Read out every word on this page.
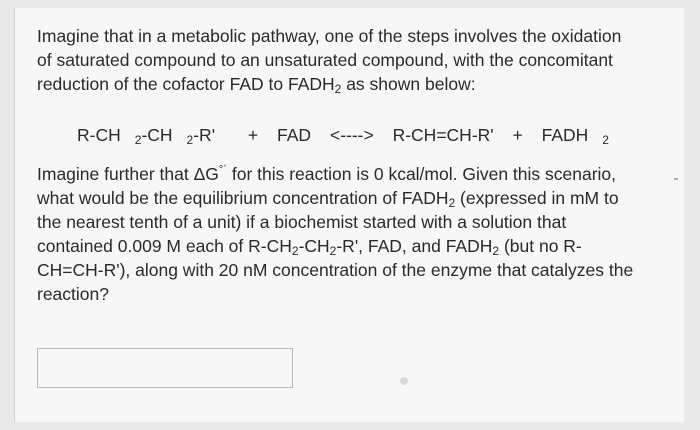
Imagine that in a metabolic pathway, one of the steps involves the oxidation
of saturated compound to an unsaturated compound, with the concomitant
reduction of the cofactor FAD to $FADH_2$ as shown below:

R-CH $_2$-CH $_2$-R' + FAD <----> R-CH=CH-R' + FADH $_2$

Imagine further that ΔG°´ for this reaction is 0 kcal/mol. Given this scenario,
what would be the equilibrium concentration of $FADH_2$ (expressed in mM to
the nearest tenth of a unit) if a biochemist started with a solution that
contained 0.009 M each of $R-CH_2-CH_2-R'$, FAD, and $FADH_2$ (but no R-
CH=CH-R'), along with 20 nM concentration of the enzyme that catalyzes the
reaction?
